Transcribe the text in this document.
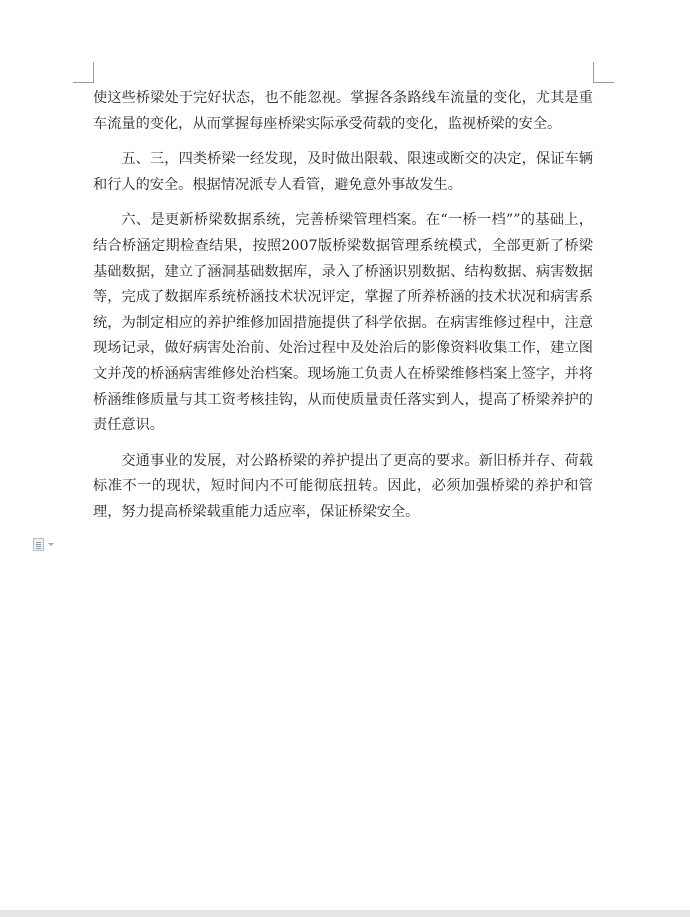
使这些桥梁处于完好状态，也不能忽视。掌握各条路线车流量的变化，尤其是重车流量的变化，从而掌握每座桥梁实际承受荷载的变化，监视桥梁的安全。

五、三，四类桥梁一经发现，及时做出限载、限速或断交的决定，保证车辆和行人的安全。根据情况派专人看管，避免意外事故发生。

六、是更新桥梁数据系统，完善桥梁管理档案。在“一桥一档””的基础上，结合桥涵定期检查结果，按照2007版桥梁数据管理系统模式，全部更新了桥梁基础数据，建立了涵洞基础数据库，录入了桥涵识别数据、结构数据、病害数据等，完成了数据库系统桥涵技术状况评定，掌握了所养桥涵的技术状况和病害系统，为制定相应的养护维修加固措施提供了科学依据。在病害维修过程中，注意现场记录，做好病害处治前、处治过程中及处治后的影像资料收集工作，建立图文并茂的桥涵病害维修处治档案。现场施工负责人在桥梁维修档案上签字，并将桥涵维修质量与其工资考核挂钩，从而使质量责任落实到人，提高了桥梁养护的责任意识。

交通事业的发展，对公路桥梁的养护提出了更高的要求。新旧桥并存、荷载标准不一的现状，短时间内不可能彻底扭转。因此，必须加强桥梁的养护和管理，努力提高桥梁载重能力适应率，保证桥梁安全。
